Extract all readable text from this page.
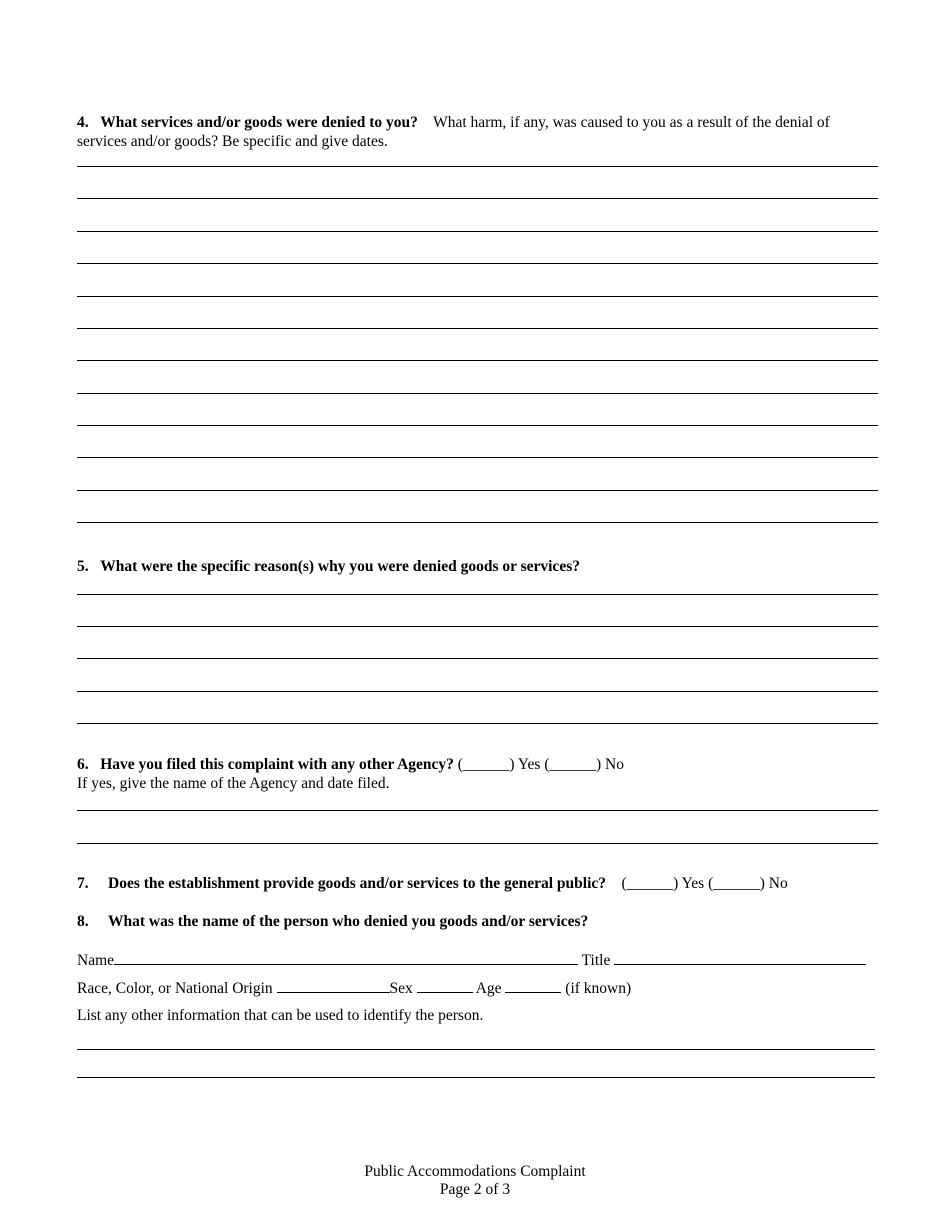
4. What services and/or goods were denied to you? What harm, if any, was caused to you as a result of the denial of services and/or goods? Be specific and give dates.
5. What were the specific reason(s) why you were denied goods or services?
6. Have you filed this complaint with any other Agency? (______) Yes (______) No
If yes, give the name of the Agency and date filed.
7. Does the establishment provide goods and/or services to the general public? (______) Yes (______) No
8. What was the name of the person who denied you goods and/or services?
Name	Title
Race, Color, or National Origin	Sex	Age	(if known)
List any other information that can be used to identify the person.
Public Accommodations Complaint
Page 2 of 3
